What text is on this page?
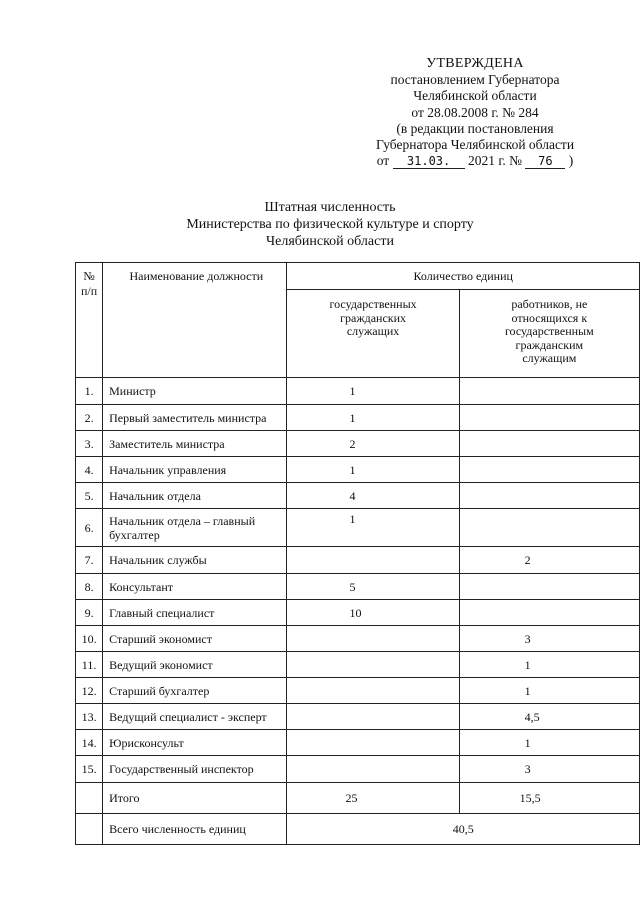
УТВЕРЖДЕНА
постановлением Губернатора
Челябинской области
от 28.08.2008 г. № 284
(в редакции постановления
Губернатора Челябинской области
от 31.03. 2021 г. № 76 )
Штатная численность
Министерства по физической культуре и спорту
Челябинской области
№
п/п	Наименование должности	Количество единиц	

		государственных гражданских служащих	работников, не относящихся к государственным гражданским служащим

1.	Министр	1	
2.	Первый заместитель министра	1	
3.	Заместитель министра	2	
4.	Начальник управления	1	
5.	Начальник отдела	4	
6.	Начальник отдела – главный бухгалтер	1	
7.	Начальник службы		2
8.	Консультант	5	
9.	Главный специалист	10	
10.	Старший экономист		3
11.	Ведущий экономист		1
12.	Старший бухгалтер		1
13.	Ведущий специалист - эксперт		4,5
14.	Юрисконсульт		1
15.	Государственный инспектор		3
	Итого	25	15,5
	Всего численность единиц	40,5	
